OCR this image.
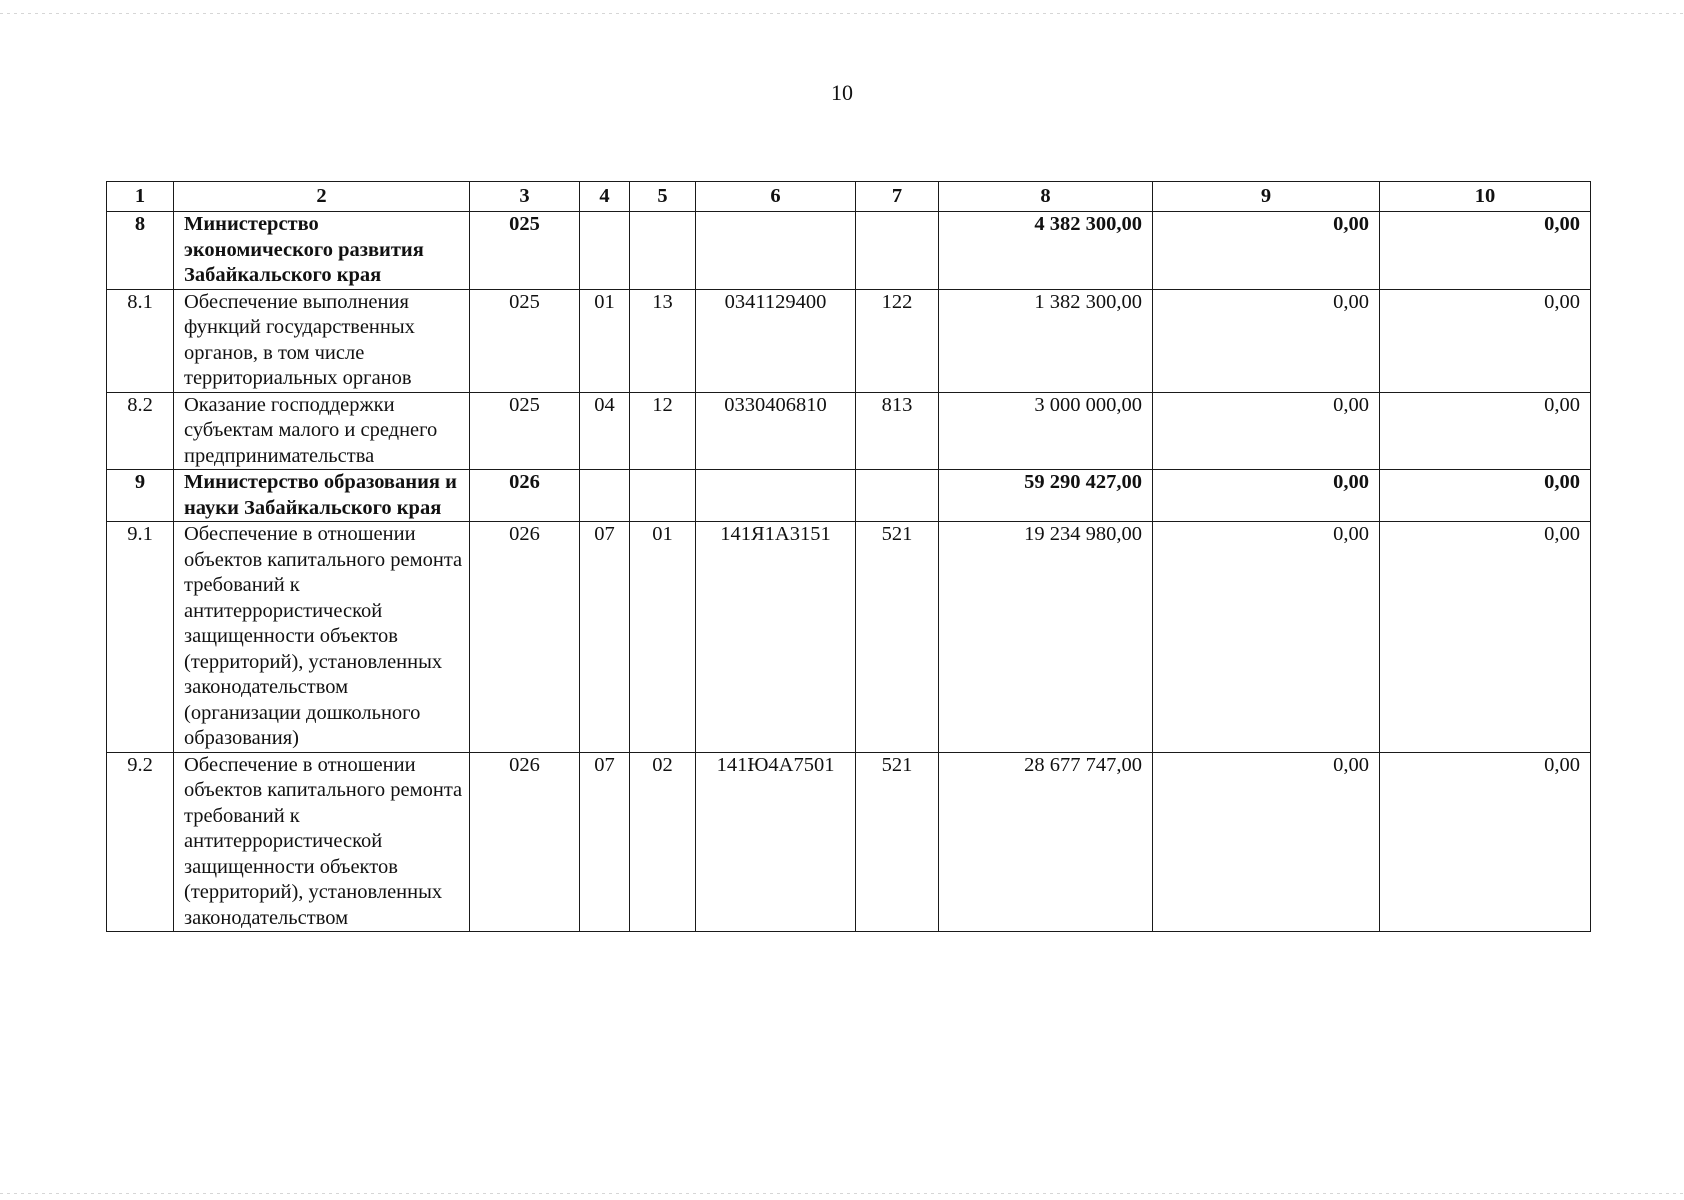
10
1	2	3	4	5	6	7	8	9	10
8	Министерство экономического развития Забайкальского края	025					4 382 300,00	0,00	0,00
8.1	Обеспечение выполнения функций государственных органов, в том числе территориальных органов	025	01	13	0341129400	122	1 382 300,00	0,00	0,00
8.2	Оказание господдержки субъектам малого и среднего предпринимательства	025	04	12	0330406810	813	3 000 000,00	0,00	0,00
9	Министерство образования и науки Забайкальского края	026					59 290 427,00	0,00	0,00
9.1	Обеспечение в отношении объектов капитального ремонта требований к антитеррористической защищенности объектов (территорий), установленных законодательством (организации дошкольного образования)	026	07	01	141Я1А3151	521	19 234 980,00	0,00	0,00
9.2	Обеспечение в отношении объектов капитального ремонта требований к антитеррористической защищенности объектов (территорий), установленных законодательством	026	07	02	141Ю4А7501	521	28 677 747,00	0,00	0,00
